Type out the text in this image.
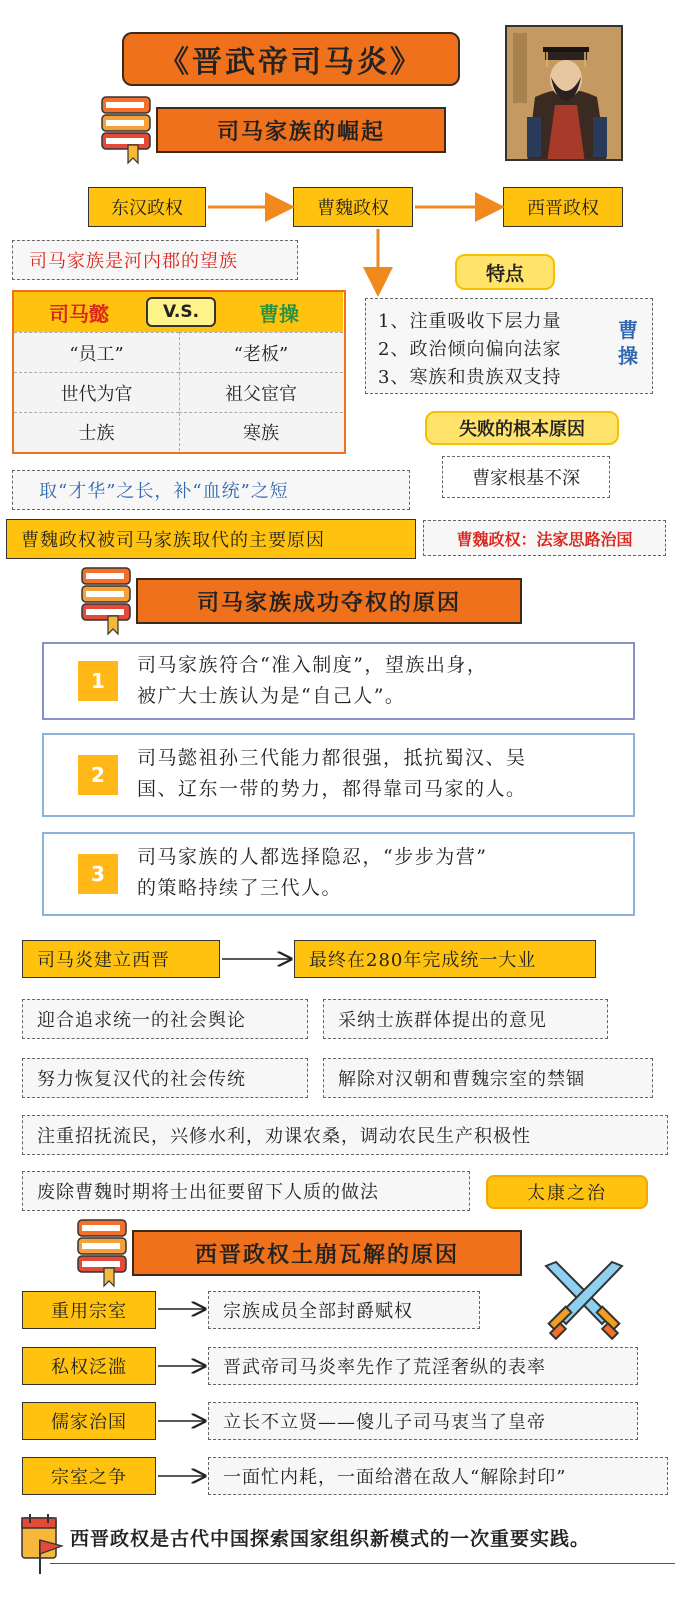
《晋武帝司马炎》
司马家族的崛起
东汉政权	曹魏政权	西晋政权
司马家族是河内郡的望族
司马懿	V.S.	曹操
“员工”	“老板”
世代为官	祖父宦官
士族	寒族
特点
1、注重吸收下层力量
2、政治倾向偏向法家
3、寒族和贵族双支持
曹操
失败的根本原因
曹家根基不深
取“才华”之长，补“血统”之短
曹魏政权被司马家族取代的主要原因	曹魏政权：法家思路治国
司马家族成功夺权的原因
1
司马家族符合“准入制度”，望族出身，
被广大士族认为是“自己人”。
2
司马懿祖孙三代能力都很强，抵抗蜀汉、吴
国、辽东一带的势力，都得靠司马家的人。
3
司马家族的人都选择隐忍，“步步为营”
的策略持续了三代人。
司马炎建立西晋	最终在280年完成统一大业
迎合追求统一的社会舆论	采纳士族群体提出的意见
努力恢复汉代的社会传统	解除对汉朝和曹魏宗室的禁锢
注重招抚流民，兴修水利，劝课农桑，调动农民生产积极性
废除曹魏时期将士出征要留下人质的做法	太康之治
西晋政权土崩瓦解的原因
重用宗室	宗族成员全部封爵赋权
私权泛滥	晋武帝司马炎率先作了荒淫奢纵的表率
儒家治国	立长不立贤——傻儿子司马衷当了皇帝
宗室之争	一面忙内耗，一面给潜在敌人“解除封印”
西晋政权是古代中国探索国家组织新模式的一次重要实践。
